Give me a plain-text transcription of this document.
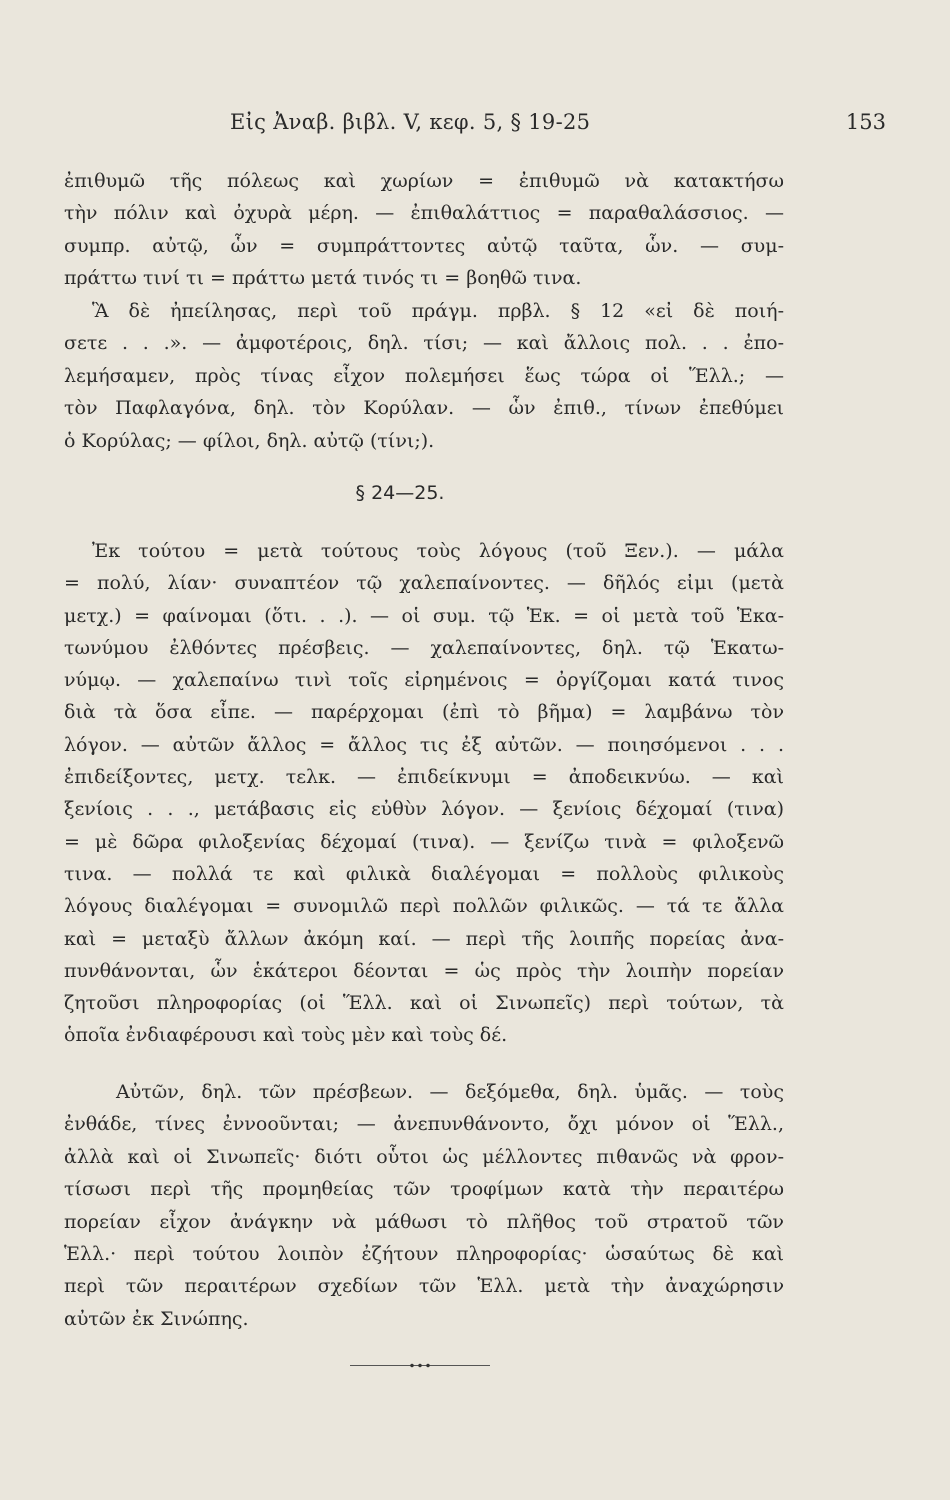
Εἰς Ἀναβ. βιβλ. V, κεφ. 5, § 19-25	153
ἐπιθυμῶ τῆς πόλεως καὶ χωρίων = ἐπιθυμῶ νὰ κατακτήσω
τὴν πόλιν καὶ ὀχυρὰ μέρη. — ἐπιθαλάττιος = παραθαλάσσιος. —
συμπρ. αὐτῷ, ὧν = συμπράττοντες αὐτῷ ταῦτα, ὧν. — συμ-
πράττω τινί τι = πράττω μετά τινός τι = βοηθῶ τινα.
Ἃ δὲ ἠπείλησας, περὶ τοῦ πράγμ. πρβλ. § 12 «εἰ δὲ ποιή-
σετε . . .». — ἀμφοτέροις, δηλ. τίσι; — καὶ ἄλλοις πολ. . . ἐπο-
λεμήσαμεν, πρὸς τίνας εἶχον πολεμήσει ἕως τώρα οἱ Ἕλλ.; —
τὸν Παφλαγόνα, δηλ. τὸν Κορύλαν. — ὧν ἐπιθ., τίνων ἐπεθύμει
ὁ Κορύλας; — φίλοι, δηλ. αὐτῷ (τίνι;).
§ 24—25.
Ἐκ τούτου = μετὰ τούτους τοὺς λόγους (τοῦ Ξεν.). — μάλα
= πολύ, λίαν· συναπτέον τῷ χαλεπαίνοντες. — δῆλός εἰμι (μετὰ
μετχ.) = φαίνομαι (ὅτι. . .). — οἱ συμ. τῷ Ἑκ. = οἱ μετὰ τοῦ Ἑκα-
τωνύμου ἐλθόντες πρέσβεις. — χαλεπαίνοντες, δηλ. τῷ Ἑκατω-
νύμῳ. — χαλεπαίνω τινὶ τοῖς εἰρημένοις = ὀργίζομαι κατά τινος
διὰ τὰ ὅσα εἶπε. — παρέρχομαι (ἐπὶ τὸ βῆμα) = λαμβάνω τὸν
λόγον. — αὐτῶν ἄλλος = ἄλλος τις ἐξ αὐτῶν. — ποιησόμενοι . . .
ἐπιδείξοντες, μετχ. τελκ. — ἐπιδείκνυμι = ἀποδεικνύω. — καὶ
ξενίοις . . ., μετάβασις εἰς εὐθὺν λόγον. — ξενίοις δέχομαί (τινα)
= μὲ δῶρα φιλοξενίας δέχομαί (τινα). — ξενίζω τινὰ = φιλοξενῶ
τινα. — πολλά τε καὶ φιλικὰ διαλέγομαι = πολλοὺς φιλικοὺς
λόγους διαλέγομαι = συνομιλῶ περὶ πολλῶν φιλικῶς. — τά τε ἄλλα
καὶ = μεταξὺ ἄλλων ἀκόμη καί. — περὶ τῆς λοιπῆς πορείας ἀνα-
πυνθάνονται, ὧν ἑκάτεροι δέονται = ὡς πρὸς τὴν λοιπὴν πορείαν
ζητοῦσι πληροφορίας (οἱ Ἕλλ. καὶ οἱ Σινωπεῖς) περὶ τούτων, τὰ
ὁποῖα ἐνδιαφέρουσι καὶ τοὺς μὲν καὶ τοὺς δέ.
Αὐτῶν, δηλ. τῶν πρέσβεων. — δεξόμεθα, δηλ. ὑμᾶς. — τοὺς
ἐνθάδε, τίνες ἐννοοῦνται; — ἀνεπυνθάνοντο, ὄχι μόνον οἱ Ἕλλ.,
ἀλλὰ καὶ οἱ Σινωπεῖς· διότι οὗτοι ὡς μέλλοντες πιθανῶς νὰ φρον-
τίσωσι περὶ τῆς προμηθείας τῶν τροφίμων κατὰ τὴν περαιτέρω
πορείαν εἶχον ἀνάγκην νὰ μάθωσι τὸ πλῆθος τοῦ στρατοῦ τῶν
Ἑλλ.· περὶ τούτου λοιπὸν ἐζήτουν πληροφορίας· ὡσαύτως δὲ καὶ
περὶ τῶν περαιτέρων σχεδίων τῶν Ἑλλ. μετὰ τὴν ἀναχώρησιν
αὐτῶν ἐκ Σινώπης.
